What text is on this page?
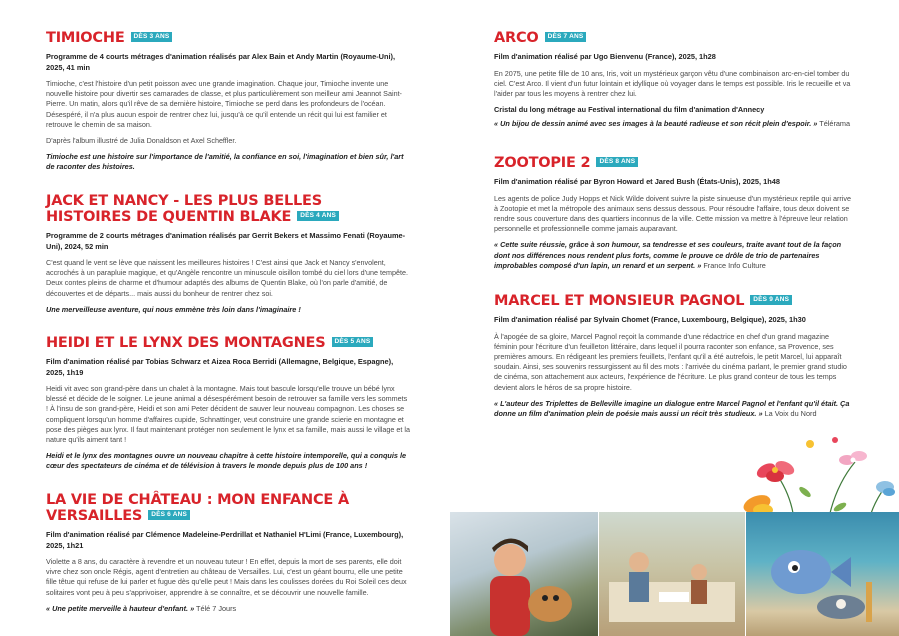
TIMIOCHE DÈS 3 ANS
Programme de 4 courts métrages d'animation réalisés par Alex Bain et Andy Martin (Royaume-Uni), 2025, 41 min

Timioche, c'est l'histoire d'un petit poisson avec une grande imagination. Chaque jour, Timioche invente une nouvelle histoire pour divertir ses camarades de classe, et plus particulièrement son meilleur ami Jeannot Saint-Pierre. Un matin, alors qu'il rêve de sa dernière histoire, Timioche se perd dans les profondeurs de l'océan. Désespéré, il n'a plus aucun espoir de rentrer chez lui, jusqu'à ce qu'il entende un récit qui lui est familier et retrouve le chemin de sa maison.

D'après l'album illustré de Julia Donaldson et Axel Scheffler.

Timioche est une histoire sur l'importance de l'amitié, la confiance en soi, l'imagination et bien sûr, l'art de raconter des histoires.
JACK ET NANCY - LES PLUS BELLES HISTOIRES DE QUENTIN BLAKE DÈS 4 ANS
Programme de 2 courts métrages d'animation réalisés par Gerrit Bekers et Massimo Fenati (Royaume-Uni), 2024, 52 min

C'est quand le vent se lève que naissent les meilleures histoires ! C'est ainsi que Jack et Nancy s'envolent, accrochés à un parapluie magique, et qu'Angèle rencontre un minuscule oisillon tombé du ciel lors d'une tempête. Deux contes pleins de charme et d'humour adaptés des albums de Quentin Blake, où l'on parle d'amitié, de découvertes et de départs... mais aussi du bonheur de rentrer chez soi.

Une merveilleuse aventure, qui nous emmène très loin dans l'imaginaire !
HEIDI ET LE LYNX DES MONTAGNES DÈS 5 ANS
Film d'animation réalisé par Tobias Schwarz et Aizea Roca Berridi (Allemagne, Belgique, Espagne), 2025, 1h19

Heidi vit avec son grand-père dans un chalet à la montagne. Mais tout bascule lorsqu'elle trouve un bébé lynx blessé et décide de le soigner. Le jeune animal a désespérément besoin de retrouver sa famille vers les sommets ! À l'insu de son grand-père, Heidi et son ami Peter décident de sauver leur nouveau compagnon. Les choses se compliquent lorsqu'un homme d'affaires cupide, Schnattinger, veut construire une grande scierie en montagne et pose des pièges aux lynx. Il faut maintenant protéger non seulement le lynx et sa famille, mais aussi le village et la nature qu'ils aiment tant !

Heidi et le lynx des montagnes ouvre un nouveau chapitre à cette histoire intemporelle, qui a conquis le cœur des spectateurs de cinéma et de télévision à travers le monde depuis plus de 100 ans !
LA VIE DE CHÂTEAU : MON ENFANCE À VERSAILLES DÈS 6 ANS
Film d'animation réalisé par Clémence Madeleine-Perdrillat et Nathaniel H'Limi (France, Luxembourg), 2025, 1h21

Violette a 8 ans, du caractère à revendre et un nouveau tuteur ! En effet, depuis la mort de ses parents, elle doit vivre chez son oncle Régis, agent d'entretien au château de Versailles. Lui, c'est un géant bourru, elle une petite fille têtue qui refuse de lui parler et fugue dès qu'elle peut ! Mais dans les coulisses dorées du Roi Soleil ces deux solitaires vont peu à peu s'apprivoiser, apprendre à se connaître, et se découvrir une nouvelle famille.

« Une petite merveille à hauteur d'enfant. » Télé 7 Jours
ARCO DÈS 7 ANS
Film d'animation réalisé par Ugo Bienvenu (France), 2025, 1h28

En 2075, une petite fille de 10 ans, Iris, voit un mystérieux garçon vêtu d'une combinaison arc-en-ciel tomber du ciel. C'est Arco. Il vient d'un futur lointain et idyllique où voyager dans le temps est possible. Iris le recueille et va l'aider par tous les moyens à rentrer chez lui.

Cristal du long métrage au Festival international du film d'animation d'Annecy
« Un bijou de dessin animé avec ses images à la beauté radieuse et son récit plein d'espoir. » Télérama
ZOOTOPIE 2 DÈS 8 ANS
Film d'animation réalisé par Byron Howard et Jared Bush (États-Unis), 2025, 1h48

Les agents de police Judy Hopps et Nick Wilde doivent suivre la piste sinueuse d'un mystérieux reptile qui arrive à Zootopie et met la métropole des animaux sens dessus dessous. Pour résoudre l'affaire, tous deux doivent se rendre sous couverture dans des quartiers inconnus de la ville. Cette mission va mettre à l'épreuve leur relation personnelle et professionnelle comme jamais auparavant.

« Cette suite réussie, grâce à son humour, sa tendresse et ses couleurs, traite avant tout de la façon dont nos différences nous rendent plus forts, comme le prouve ce drôle de trio de partenaires improbables composé d'un lapin, un renard et un serpent. » France Info Culture
MARCEL ET MONSIEUR PAGNOL DÈS 9 ANS
Film d'animation réalisé par Sylvain Chomet (France, Luxembourg, Belgique), 2025, 1h30

À l'apogée de sa gloire, Marcel Pagnol reçoit la commande d'une rédactrice en chef d'un grand magazine féminin pour l'écriture d'un feuilleton littéraire, dans lequel il pourra raconter son enfance, sa Provence, ses premières amours. En rédigeant les premiers feuillets, l'enfant qu'il a été autrefois, le petit Marcel, lui apparaît soudain. Ainsi, ses souvenirs ressurgissent au fil des mots : l'arrivée du cinéma parlant, le premier grand studio de cinéma, son attachement aux acteurs, l'expérience de l'écriture. Le plus grand conteur de tous les temps devient alors le héros de sa propre histoire.

« L'auteur des Triplettes de Belleville imagine un dialogue entre Marcel Pagnol et l'enfant qu'il était. Ça donne un film d'animation plein de poésie mais aussi un récit très studieux. » La Voix du Nord
